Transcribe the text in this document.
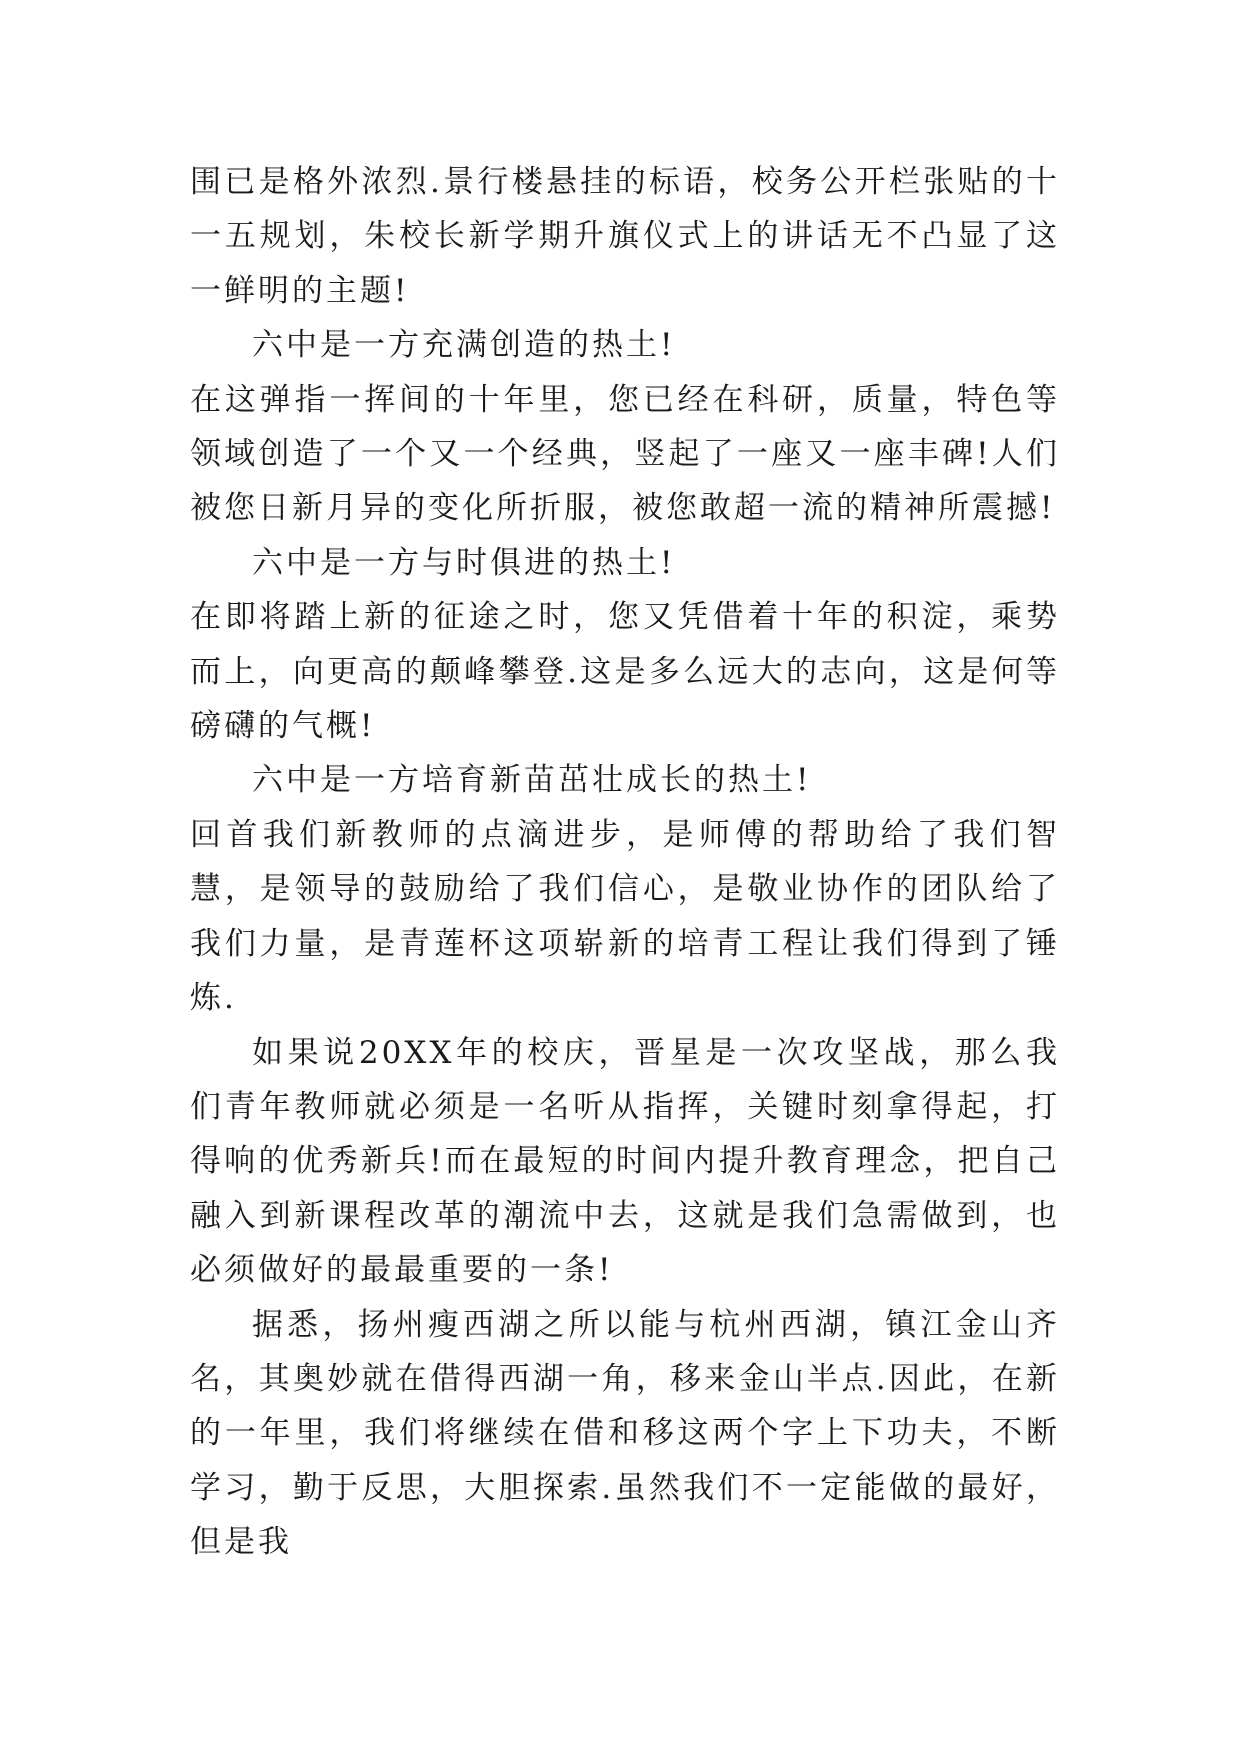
围已是格外浓烈.景行楼悬挂的标语，校务公开栏张贴的十一五规划，朱校长新学期升旗仪式上的讲话无不凸显了这一鲜明的主题!

六中是一方充满创造的热土!

在这弹指一挥间的十年里，您已经在科研，质量，特色等领域创造了一个又一个经典，竖起了一座又一座丰碑!人们被您日新月异的变化所折服，被您敢超一流的精神所震撼!

六中是一方与时俱进的热土!

在即将踏上新的征途之时，您又凭借着十年的积淀，乘势而上，向更高的颠峰攀登.这是多么远大的志向，这是何等磅礴的气概!

六中是一方培育新苗茁壮成长的热土!

回首我们新教师的点滴进步，是师傅的帮助给了我们智慧，是领导的鼓励给了我们信心，是敬业协作的团队给了我们力量，是青莲杯这项崭新的培青工程让我们得到了锤炼.

如果说20XX年的校庆，晋星是一次攻坚战，那么我们青年教师就必须是一名听从指挥，关键时刻拿得起，打得响的优秀新兵!而在最短的时间内提升教育理念，把自己融入到新课程改革的潮流中去，这就是我们急需做到，也必须做好的最最重要的一条!

据悉，扬州瘦西湖之所以能与杭州西湖，镇江金山齐名，其奥妙就在借得西湖一角，移来金山半点.因此，在新的一年里，我们将继续在借和移这两个字上下功夫，不断学习，勤于反思，大胆探索.虽然我们不一定能做的最好，但是我
